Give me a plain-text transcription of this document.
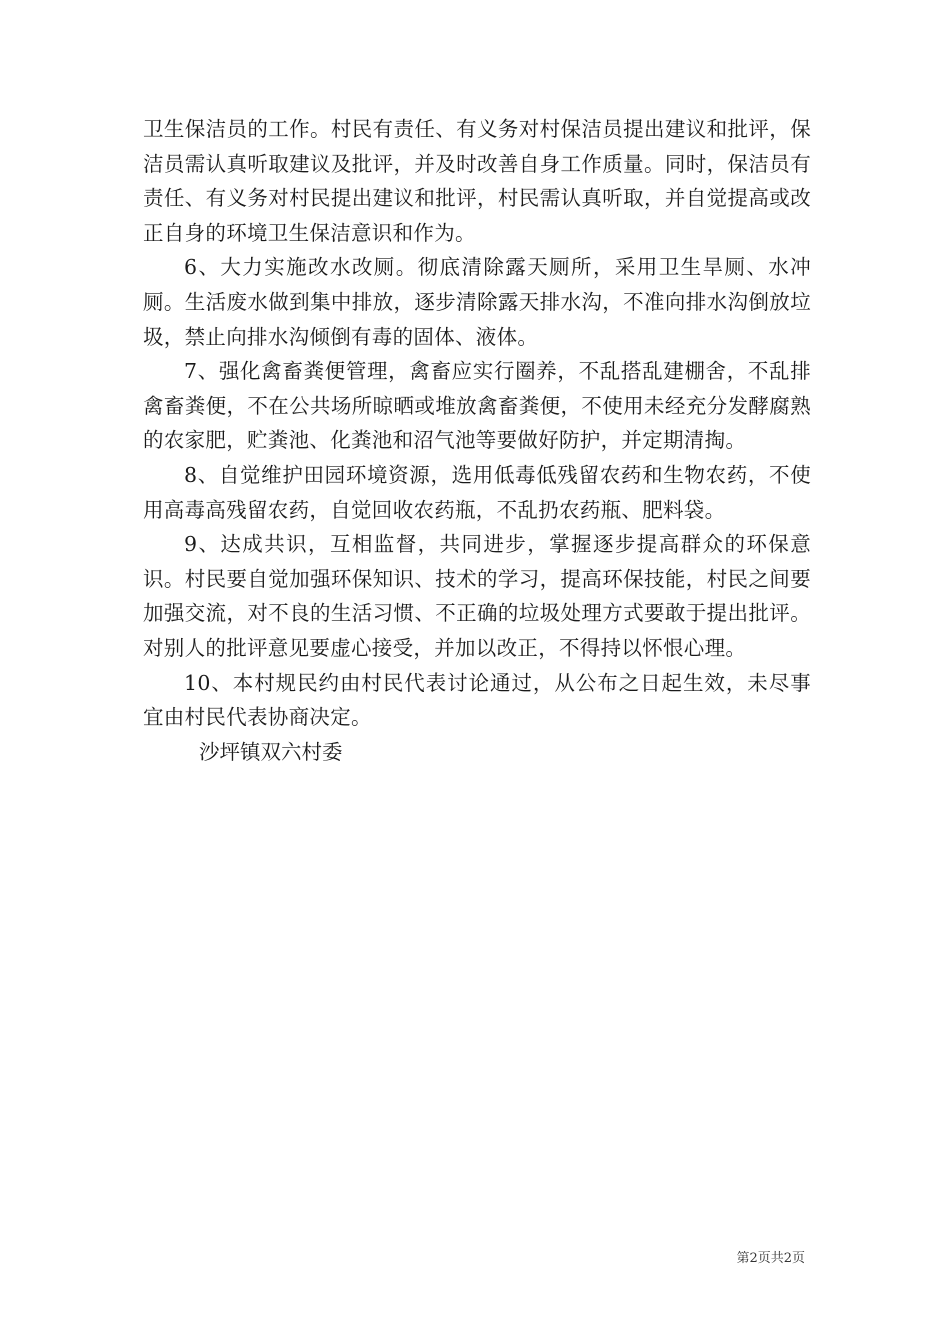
卫生保洁员的工作。村民有责任、有义务对村保洁员提出建议和批评，保洁员需认真听取建议及批评，并及时改善自身工作质量。同时，保洁员有责任、有义务对村民提出建议和批评，村民需认真听取，并自觉提高或改正自身的环境卫生保洁意识和作为。

6、大力实施改水改厕。彻底清除露天厕所，采用卫生旱厕、水冲厕。生活废水做到集中排放，逐步清除露天排水沟，不准向排水沟倒放垃圾，禁止向排水沟倾倒有毒的固体、液体。

7、强化禽畜粪便管理，禽畜应实行圈养，不乱搭乱建棚舍，不乱排禽畜粪便，不在公共场所晾晒或堆放禽畜粪便，不使用未经充分发酵腐熟的农家肥，贮粪池、化粪池和沼气池等要做好防护，并定期清掏。

8、自觉维护田园环境资源，选用低毒低残留农药和生物农药，不使用高毒高残留农药，自觉回收农药瓶，不乱扔农药瓶、肥料袋。

9、达成共识，互相监督，共同进步，掌握逐步提高群众的环保意识。村民要自觉加强环保知识、技术的学习，提高环保技能，村民之间要加强交流，对不良的生活习惯、不正确的垃圾处理方式要敢于提出批评。对别人的批评意见要虚心接受，并加以改正，不得持以怀恨心理。

10、本村规民约由村民代表讨论通过，从公布之日起生效，未尽事宜由村民代表协商决定。

沙坪镇双六村委

第2页共2页
